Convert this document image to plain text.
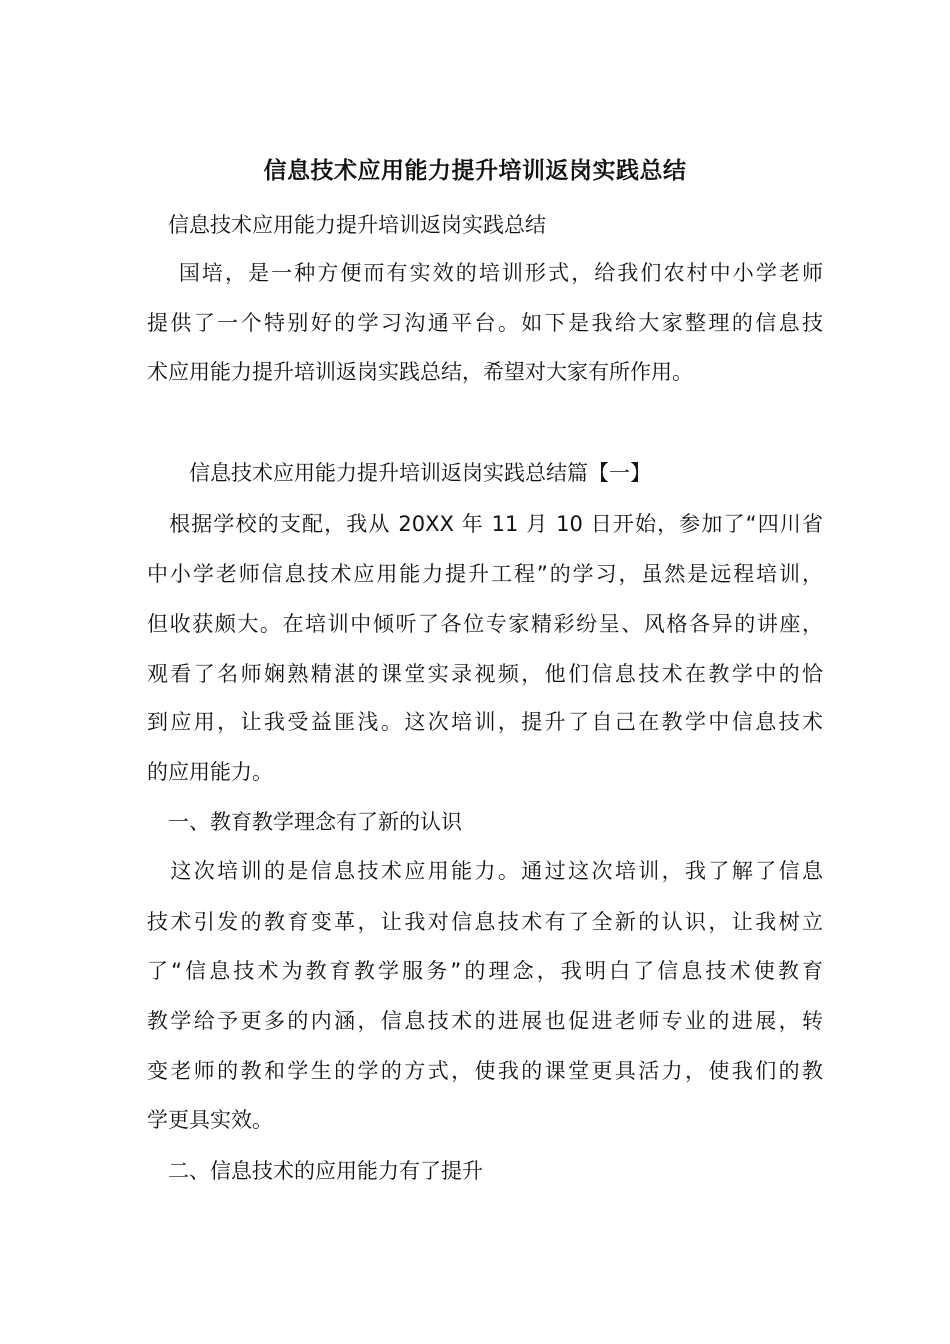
信息技术应用能力提升培训返岗实践总结

　信息技术应用能力提升培训返岗实践总结

　 国培，是一种方便而有实效的培训形式，给我们农村中小学老师

提供了一个特别好的学习沟通平台。如下是我给大家整理的信息技

术应用能力提升培训返岗实践总结，希望对大家有所作用。

　　信息技术应用能力提升培训返岗实践总结篇【一】

　根据学校的支配，我从 20XX 年 11 月 10 日开始，参加了“四川省

中小学老师信息技术应用能力提升工程”的学习，虽然是远程培训，

但收获颇大。在培训中倾听了各位专家精彩纷呈、风格各异的讲座，

观看了名师娴熟精湛的课堂实录视频，他们信息技术在教学中的恰

到应用，让我受益匪浅。这次培训，提升了自己在教学中信息技术

的应用能力。

　一、教育教学理念有了新的认识

　这次培训的是信息技术应用能力。通过这次培训，我了解了信息

技术引发的教育变革，让我对信息技术有了全新的认识，让我树立

了“信息技术为教育教学服务”的理念，我明白了信息技术使教育

教学给予更多的内涵，信息技术的进展也促进老师专业的进展，转

变老师的教和学生的学的方式，使我的课堂更具活力，使我们的教

学更具实效。

　二、信息技术的应用能力有了提升
